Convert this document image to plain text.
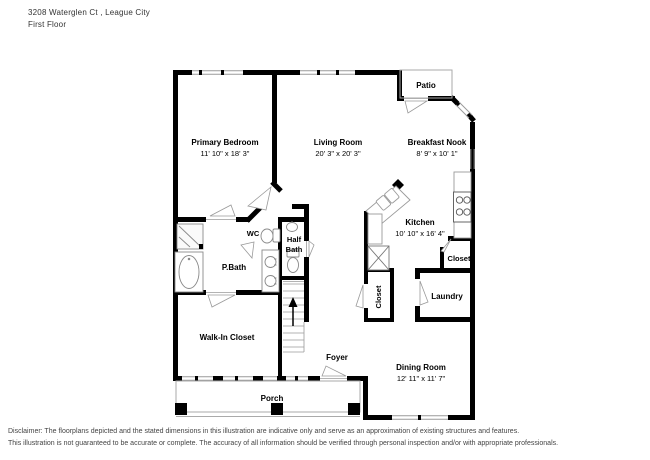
3208 Waterglen Ct , League City
First Floor
Primary Bedroom
11' 10" x 18' 3"
Living Room
20' 3" x 20' 3"
Breakfast Nook
8' 9" x 10' 1"
Patio
Kitchen
10' 10" x 16' 4"
WC
Half
Bath
P.Bath
Walk-In Closet
Closet
Closet
Laundry
Foyer
Dining Room
12' 11" x 11' 7"
Porch
Disclaimer: The floorplans depicted and the stated dimensions in this illustration are indicative only and serve as an approximation of existing structures and features.
This illustration is not guaranteed to be accurate or complete. The accuracy of all information should be verified through personal inspection and/or with appropriate professionals.
